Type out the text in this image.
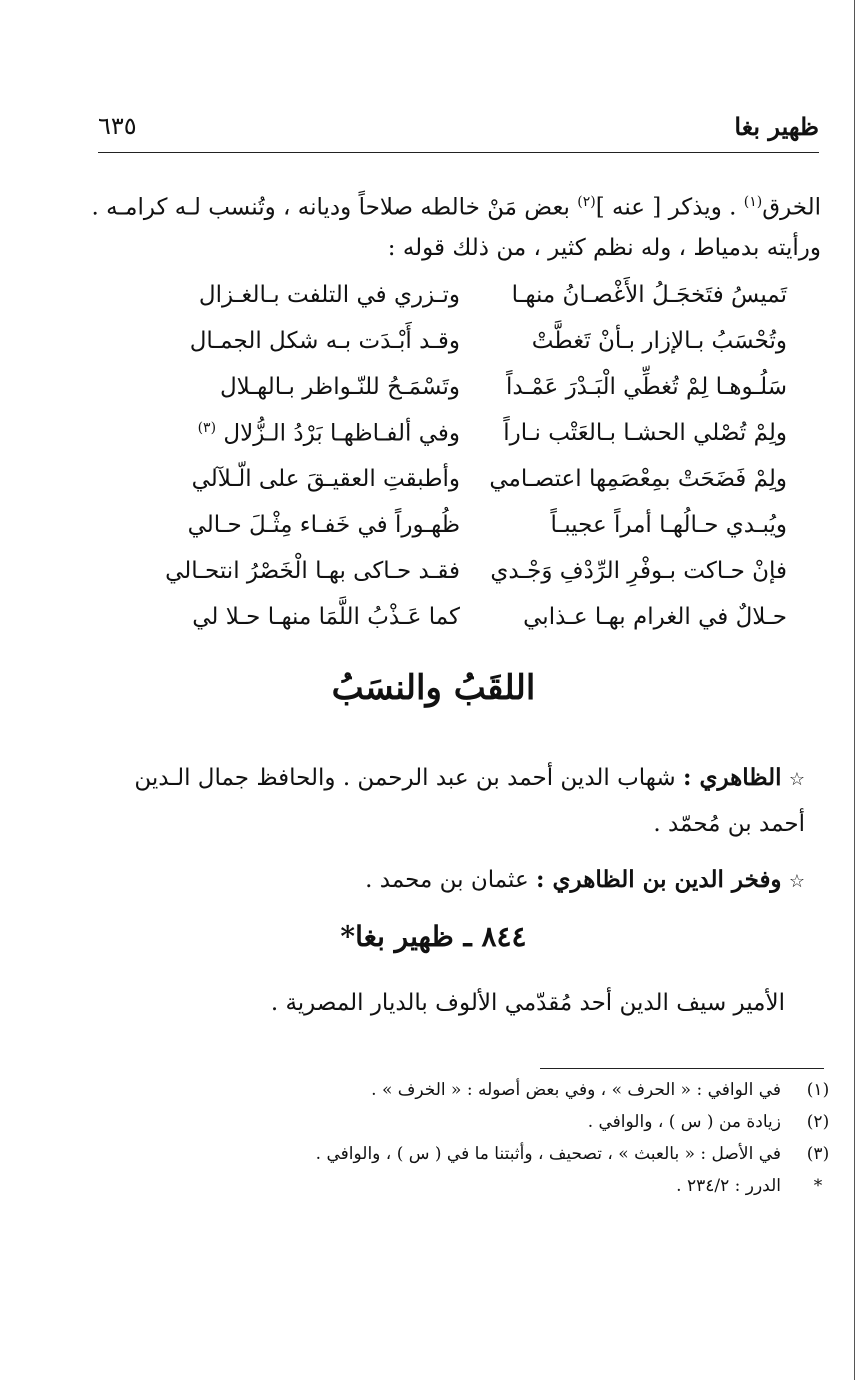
ظهير بغا
٦٣٥
الخرق$^{(١)}$ . ويذكر [ عنه ]$^{(٢)}$ بعض مَنْ خالطه صلاحاً وديانه ، وتُنسب لـه كرامـه . ورأيته بدمياط ، وله نظم كثير ، من ذلك قوله :
تَميسُ فتَخجَـلُ الأَغْصـانُ منهـا
وتـزري في التلفت بـالغـزال
وتُحْسَبُ بـالإزار بـأنْ تَغطَّتْ
وقـد أَبْـدَت بـه شكل الجمـال
سَلُـوهـا لِمْ تُغطِّي الْبَـدْرَ عَمْـداً
وتَسْمَـحُ للنّـواظر بـالهـلال
ولِمْ تُصْلي الحشـا بـالعَتْب نـاراً
وفي ألفـاظهـا بَرْدُ الـزُّلال $^{(٣)}$
ولِمْ فَضَحَتْ بمِعْصَمِها اعتصـامي
وأطبقتِ العقيـقَ على الّـلآلي
ويُبـدي حـالُهـا أمراً عجيبـاً
ظُهـوراً في خَفـاء مِثْـلَ حـالي
فإنْ حـاكت بـوفْرِ الرِّدْفِ وَجْـدي
فقـد حـاكى بهـا الْخَصْرُ انتحـالي
حـلالٌ في الغرام بهـا عـذابي
كما عَـذْبُ اللَّمَا منهـا حـلا لي
اللقَبُ والنسَبُ
☆ الظاهري : شهاب الدين أحمد بن عبد الرحمن . والحافظ جمال الـدين أحمد بن مُحمّد .
☆ وفخر الدين بن الظاهري : عثمان بن محمد .
٨٤٤ ـ ظهير بغا*
الأمير سيف الدين أحد مُقدّمي الألوف بالديار المصرية .
(١)
في الوافي : « الحرف » ، وفي بعض أصوله : « الخرف » .
(٢)
زيادة من ( س ) ، والوافي .
(٣)
في الأصل : « بالعبث » ، تصحيف ، وأثبتنا ما في ( س ) ، والوافي .
*
الدرر : ٢٣٤/٢ .
